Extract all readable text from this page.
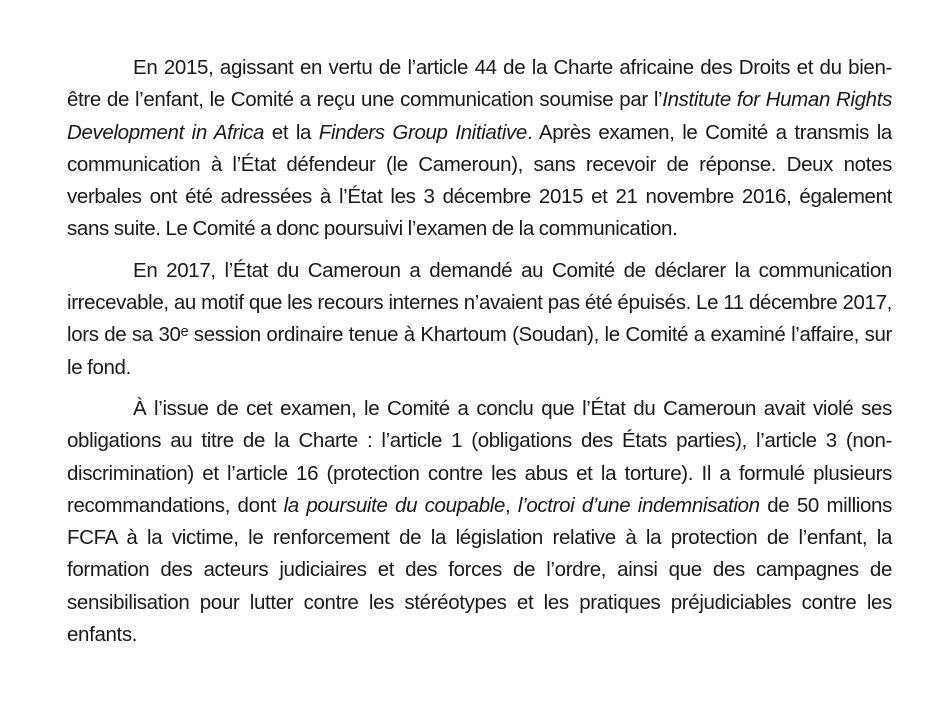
En 2015, agissant en vertu de l’article 44 de la Charte africaine des Droits et du bien-être de l’enfant, le Comité a reçu une communication soumise par l’Institute for Human Rights Development in Africa et la Finders Group Initiative. Après examen, le Comité a transmis la communication à l’État défendeur (le Cameroun), sans recevoir de réponse. Deux notes verbales ont été adressées à l’État les 3 décembre 2015 et 21 novembre 2016, également sans suite. Le Comité a donc poursuivi l’examen de la communication.

En 2017, l’État du Cameroun a demandé au Comité de déclarer la communication irrecevable, au motif que les recours internes n’avaient pas été épuisés. Le 11 décembre 2017, lors de sa 30e session ordinaire tenue à Khartoum (Soudan), le Comité a examiné l’affaire, sur le fond.

À l’issue de cet examen, le Comité a conclu que l’État du Cameroun avait violé ses obligations au titre de la Charte : l’article 1 (obligations des États parties), l’article 3 (non-discrimination) et l’article 16 (protection contre les abus et la torture). Il a formulé plusieurs recommandations, dont la poursuite du coupable, l’octroi d’une indemnisation de 50 millions FCFA à la victime, le renforcement de la législation relative à la protection de l’enfant, la formation des acteurs judiciaires et des forces de l’ordre, ainsi que des campagnes de sensibilisation pour lutter contre les stéréotypes et les pratiques préjudiciables contre les enfants.
